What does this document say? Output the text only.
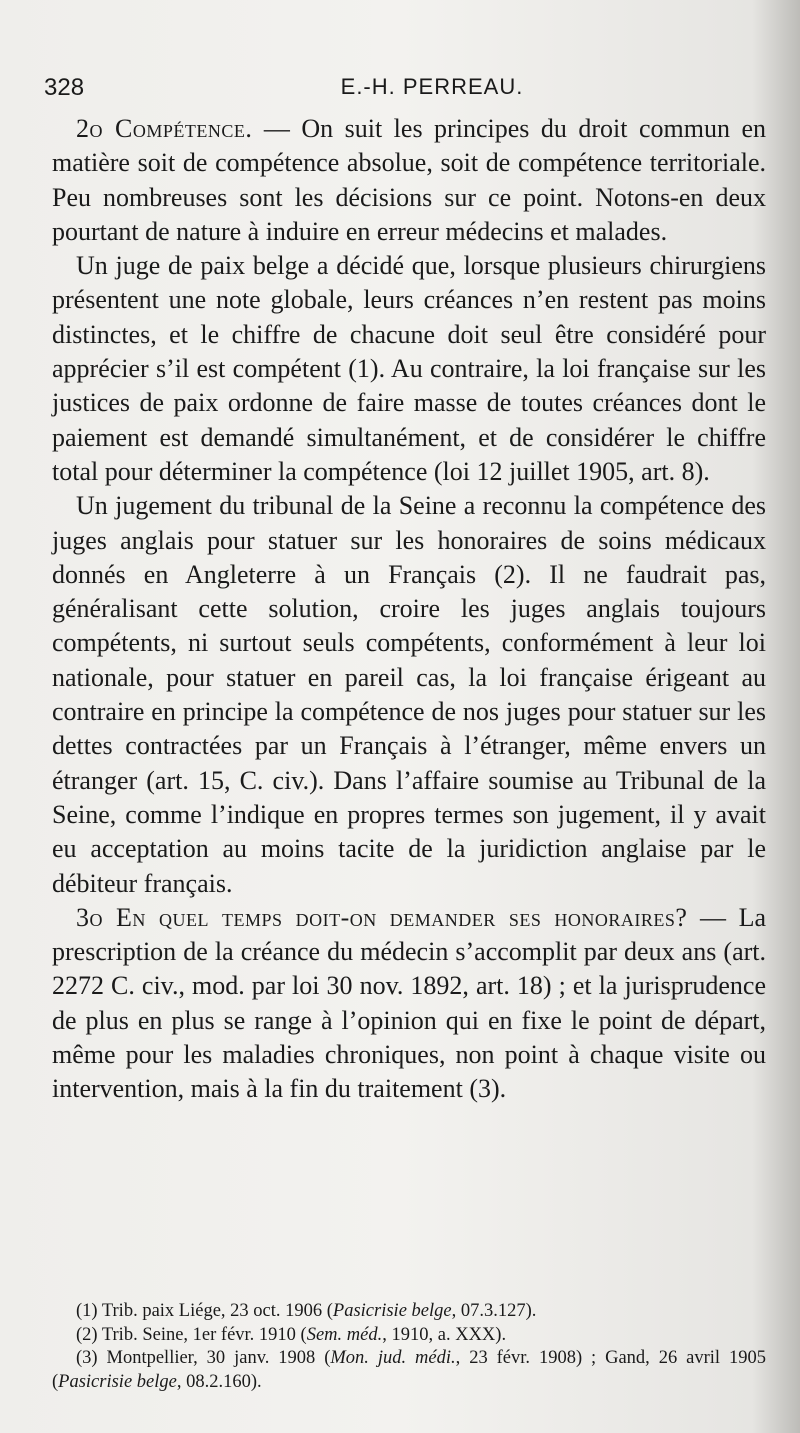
328	E.-H. PERREAU.

2o Compétence. — On suit les principes du droit commun en matière soit de compétence absolue, soit de compétence territoriale. Peu nombreuses sont les décisions sur ce point. Notons-en deux pourtant de nature à induire en erreur médecins et malades.

Un juge de paix belge a décidé que, lorsque plusieurs chirurgiens présentent une note globale, leurs créances n’en restent pas moins distinctes, et le chiffre de chacune doit seul être considéré pour apprécier s’il est compétent (1). Au contraire, la loi française sur les justices de paix ordonne de faire masse de toutes créances dont le paiement est demandé simultanément, et de considérer le chiffre total pour déterminer la compétence (loi 12 juillet 1905, art. 8).

Un jugement du tribunal de la Seine a reconnu la compétence des juges anglais pour statuer sur les honoraires de soins médicaux donnés en Angleterre à un Français (2). Il ne faudrait pas, généralisant cette solution, croire les juges anglais toujours compétents, ni surtout seuls compétents, conformément à leur loi nationale, pour statuer en pareil cas, la loi française érigeant au contraire en principe la compétence de nos juges pour statuer sur les dettes contractées par un Français à l’étranger, même envers un étranger (art. 15, C. civ.). Dans l’affaire soumise au Tribunal de la Seine, comme l’indique en propres termes son jugement, il y avait eu acceptation au moins tacite de la juridiction anglaise par le débiteur français.

3o En quel temps doit-on demander ses honoraires? — La prescription de la créance du médecin s’accomplit par deux ans (art. 2272 C. civ., mod. par loi 30 nov. 1892, art. 18) ; et la jurisprudence de plus en plus se range à l’opinion qui en fixe le point de départ, même pour les maladies chroniques, non point à chaque visite ou intervention, mais à la fin du traitement (3).

(1) Trib. paix Liége, 23 oct. 1906 (Pasicrisie belge, 07.3.127).

(2) Trib. Seine, 1er févr. 1910 (Sem. méd., 1910, a. XXX).

(3) Montpellier, 30 janv. 1908 (Mon. jud. médi., 23 févr. 1908) ; Gand, 26 avril 1905 (Pasicrisie belge, 08.2.160).
